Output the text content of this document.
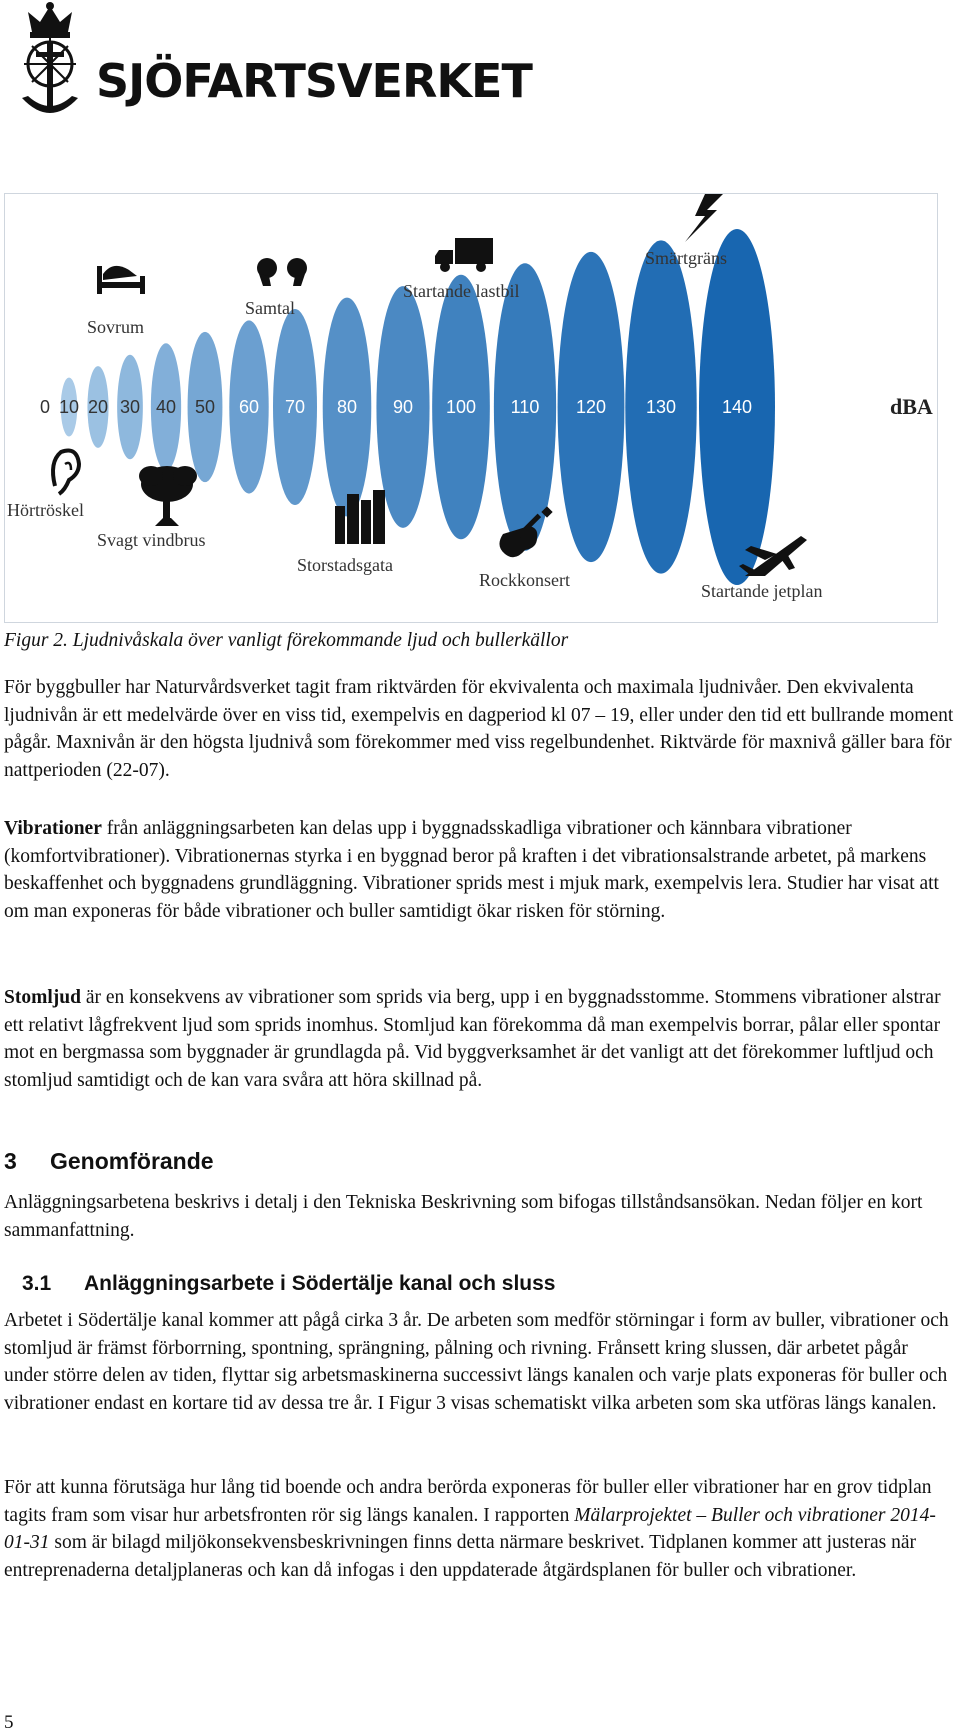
SJÖFARTSVERKET
0 10 20 30 40 50 60 70 80 90 100 110 120 130	140	dBA
Sovrum
Samtal
Startande lastbil
Smärtgräns
Hörtröskel
Svagt vindbrus
Storstadsgata
Rockkonsert
Startande jetplan
Figur 2. Ljudnivåskala över vanligt förekommande ljud och bullerkällor

För byggbuller har Naturvårdsverket tagit fram riktvärden för ekvivalenta och maximala ljudnivåer. Den ekvivalenta ljudnivån är ett medelvärde över en viss tid, exempelvis en dagperiod kl 07 – 19, eller under den tid ett bullrande moment pågår. Maxnivån är den högsta ljudnivå som förekommer med viss regelbundenhet. Riktvärde för maxnivå gäller bara för nattperioden (22-07).

Vibrationer från anläggningsarbeten kan delas upp i byggnadsskadliga vibrationer och kännbara vibrationer (komfortvibrationer). Vibrationernas styrka i en byggnad beror på kraften i det vibrationsalstrande arbetet, på markens beskaffenhet och byggnadens grundläggning. Vibrationer sprids mest i mjuk mark, exempelvis lera. Studier har visat att om man exponeras för både vibrationer och buller samtidigt ökar risken för störning.

Stomljud är en konsekvens av vibrationer som sprids via berg, upp i en byggnadsstomme. Stommens vibrationer alstrar ett relativt lågfrekvent ljud som sprids inomhus. Stomljud kan förekomma då man exempelvis borrar, pålar eller spontar mot en bergmassa som byggnader är grundlagda på. Vid byggverksamhet är det vanligt att det förekommer luftljud och stomljud samtidigt och de kan vara svåra att höra skillnad på.

3 Genomförande

Anläggningsarbetena beskrivs i detalj i den Tekniska Beskrivning som bifogas tillståndsansökan. Nedan följer en kort sammanfattning.

3.1 Anläggningsarbete i Södertälje kanal och sluss

Arbetet i Södertälje kanal kommer att pågå cirka 3 år. De arbeten som medför störningar i form av buller, vibrationer och stomljud är främst förborrning, spontning, sprängning, pålning och rivning. Frånsett kring slussen, där arbetet pågår under större delen av tiden, flyttar sig arbetsmaskinerna successivt längs kanalen och varje plats exponeras för buller och vibrationer endast en kortare tid av dessa tre år. I Figur 3 visas schematiskt vilka arbeten som ska utföras längs kanalen.

För att kunna förutsäga hur lång tid boende och andra berörda exponeras för buller eller vibrationer har en grov tidplan tagits fram som visar hur arbetsfronten rör sig längs kanalen. I rapporten Mälarprojektet – Buller och vibrationer 2014-01-31 som är bilagd miljökonsekvensbeskrivningen finns detta närmare beskrivet. Tidplanen kommer att justeras när entreprenaderna detaljplaneras och kan då infogas i den uppdaterade åtgärdsplanen för buller och vibrationer.

5
